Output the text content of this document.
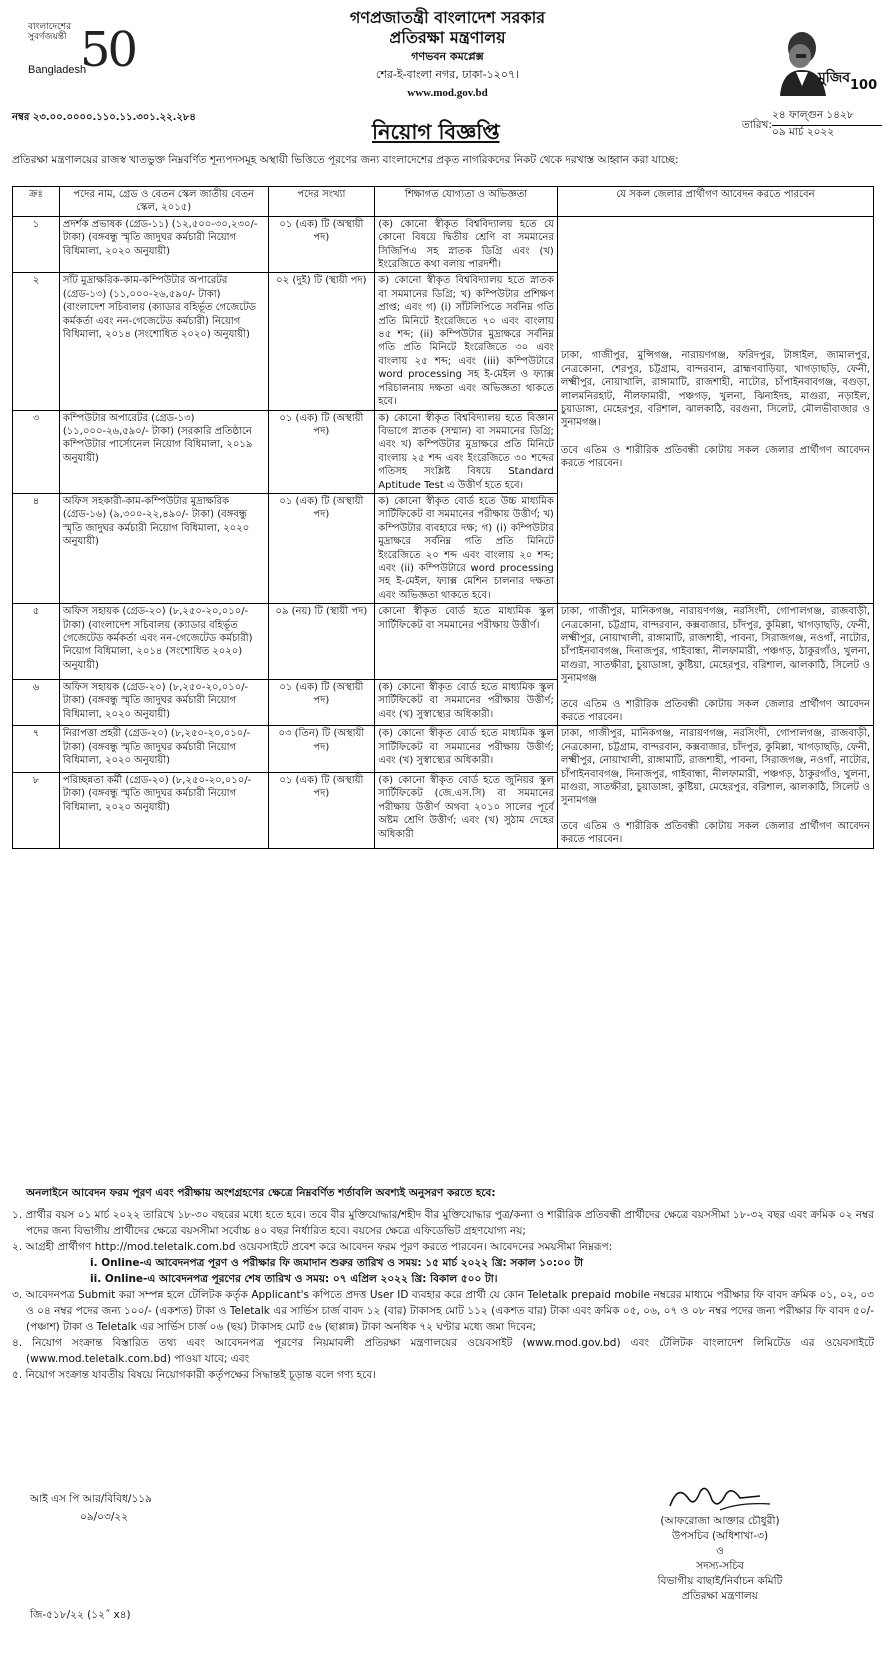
বাংলাদেশের সুবর্ণজয়ন্তী
Bangladesh
50
গণপ্রজাতন্ত্রী বাংলাদেশ সরকার
প্রতিরক্ষা মন্ত্রণালয়
গণভবন কমপ্লেক্স
শের-ই-বাংলা নগর, ঢাকা-১২০৭।
www.mod.gov.bd
মুজিব 100
নম্বর ২৩.০০.০০০০.১১০.১১.৩০১.২২.২৮৪
নিয়োগ বিজ্ঞপ্তি	তারিখ:
২৪ ফাল্গুন ১৪২৮
০৯ মার্চ ২০২২
প্রতিরক্ষা মন্ত্রণালয়ের রাজস্ব খাতভুক্ত নিম্নবর্ণিত শূন্যপদসমূহ অস্থায়ী ভিত্তিতে পূরণের জন্য বাংলাদেশের প্রকৃত নাগরিকদের নিকট থেকে দরখাস্ত আহ্বান করা যাচ্ছে:
ক্রঃ	পদের নাম, গ্রেড ও বেতন স্কেল জাতীয় বেতন স্কেল, ২০১৫)	পদের সংখ্যা	শিক্ষাগত যোগ্যতা ও অভিজ্ঞতা	যে সকল জেলার প্রার্থীগণ আবেদন করতে পারবেন
১	প্রদর্শক প্রভাষক (গ্রেড-১১) (১২,৫০০-৩০,২৩০/- টাকা) (বঙ্গবন্ধু স্মৃতি জাদুঘর কর্মচারী নিয়োগ বিধিমালা, ২০২০ অনুযায়ী)	০১ (এক) টি (অস্থায়ী পদ)	(ক) কোনো স্বীকৃত বিশ্ববিদ্যালয় হতে যে কোনো বিষয়ে দ্বিতীয় শ্রেণি বা সমমানের সিজিপিএ সহ স্নাতক ডিগ্রি এবং (খ) ইংরেজিতে কথা বলায় পারদর্শী।	ঢাকা, গাজীপুর, মুন্সিগঞ্জ, নারায়ণগঞ্জ, ফরিদপুর, টাঙ্গাইল, জামালপুর, নেত্রকোনা, শেরপুর, চট্টগ্রাম, বান্দরবান, ব্রাহ্মণবাড়িয়া, খাগড়াছড়ি, ফেনী, লক্ষ্মীপুর, নোয়াখালি, রাঙ্গামাটি, রাজশাহী, নাটোর, চাঁপাইনবাবগঞ্জ, বগুড়া, লালমনিরহাট, নীলফামারী, পঞ্চগড়, খুলনা, ঝিনাইদহ, মাগুরা, নড়াইল, চুয়াডাঙ্গা, মেহেরপুর, বরিশাল, ঝালকাঠি, বরগুনা, সিলেট, মৌলভীবাজার ও সুনামগঞ্জ।
তবে এতিম ও শারীরিক প্রতিবন্ধী কোটায় সকল জেলার প্রার্থীগণ আবেদন করতে পারবেন।

২	সাঁট মুদ্রাক্ষরিক-কাম-কম্পিউটার অপারেটর (গ্রেড-১৩) (১১,০০০-২৬,৫৯০/- টাকা) (বাংলাদেশ সচিবালয় (ক্যাডার বহির্ভূত গেজেটেড কর্মকর্তা এবং নন-গেজেটেড কর্মচারী) নিয়োগ বিধিমালা, ২০১৪ (সংশোধিত ২০২০) অনুযায়ী)	০২ (দুই) টি (স্থায়ী পদ)	ক) কোনো স্বীকৃত বিশ্ববিদ্যালয় হতে স্নাতক বা সমমানের ডিগ্রি; খ) কম্পিউটার প্রশিক্ষণ প্রাপ্ত; এবং গ) (i) সাঁটলিপিতে সর্বনিম্ন গতি প্রতি মিনিটে ইংরেজিতে ৭০ এবং বাংলায় ৪৫ শব্দ; (ii) কম্পিউটার মুদ্রাক্ষরে সর্বনিম্ন গতি প্রতি মিনিটে ইংরেজিতে ৩০ এবং বাংলায় ২৫ শব্দ; এবং (iii) কম্পিউটারে word processing সহ ই-মেইল ও ফ্যাক্স পরিচালনায় দক্ষতা এবং অভিজ্ঞতা থাকতে হবে।	
৩	কম্পিউটার অপারেটর (গ্রেড-১৩) (১১,০০০-২৬,৫৯০/- টাকা) (সরকারি প্রতিষ্ঠানে কম্পিউটার পার্সোনেল নিয়োগ বিধিমালা, ২০১৯ অনুযায়ী)	০১ (এক) টি (অস্থায়ী পদ)	ক) কোনো স্বীকৃত বিশ্ববিদ্যালয় হতে বিজ্ঞান বিভাগে স্নাতক (সম্মান) বা সমমানের ডিগ্রি; এবং খ) কম্পিউটার মুদ্রাক্ষরে প্রতি মিনিটে বাংলায় ২৫ শব্দ এবং ইংরেজিতে ৩০ শব্দের গতিসহ সংশ্লিষ্ট বিষয়ে Standard Aptitude Test এ উত্তীর্ণ হতে হবে।	
৪	অফিস সহকারী-কাম-কম্পিউটার মুদ্রাক্ষরিক (গ্রেড-১৬) (৯,৩০০-২২,৪৯০/- টাকা) (বঙ্গবন্ধু স্মৃতি জাদুঘর কর্মচারী নিয়োগ বিধিমালা, ২০২০ অনুযায়ী)	০১ (এক) টি (অস্থায়ী পদ)	ক) কোনো স্বীকৃত বোর্ড হতে উচ্চ মাধ্যমিক সার্টিফিকেট বা সমমানের পরীক্ষায় উত্তীর্ণ; খ) কম্পিউটার ব্যবহারে দক্ষ; গ) (i) কম্পিউটার মুদ্রাক্ষরে সর্বনিম্ন গতি প্রতি মিনিটে ইংরেজিতে ২০ শব্দ এবং বাংলায় ২০ শব্দ; এবং (ii) কম্পিউটারে word processing সহ ই-মেইল, ফ্যাক্স মেশিন চালনার দক্ষতা এবং অভিজ্ঞতা থাকতে হবে।	
৫	অফিস সহায়ক (গ্রেড-২০) (৮,২৫০-২০,০১০/- টাকা) (বাংলাদেশ সচিবালয় (ক্যাডার বহির্ভূত গেজেটেড কর্মকর্তা এবং নন-গেজেটেড কর্মচারী) নিয়োগ বিধিমালা, ২০১৪ (সংশোধিত ২০২০) অনুযায়ী)	০৯ (নয়) টি (স্থায়ী পদ)	কোনো স্বীকৃত বোর্ড হতে মাধ্যমিক স্কুল সার্টিফিকেট বা সমমানের পরীক্ষায় উত্তীর্ণ।	ঢাকা, গাজীপুর, মানিকগঞ্জ, নারায়ণগঞ্জ, নরসিংদী, গোপালগঞ্জ, রাজবাড়ী, নেত্রকোনা, চট্টগ্রাম, বান্দরবান, কক্সবাজার, চাঁদপুর, কুমিল্লা, খাগড়াছড়ি, ফেনী, লক্ষ্মীপুর, নোয়াখালী, রাঙ্গামাটি, রাজশাহী, পাবনা, সিরাজগঞ্জ, নওগাঁ, নাটোর, চাঁপাইনবাবগঞ্জ, দিনাজপুর, গাইবান্ধা, নীলফামারী, পঞ্চগড়, ঠাকুরগাঁও, খুলনা, মাগুরা, সাতক্ষীরা, চুয়াডাঙ্গা, কুষ্টিয়া, মেহেরপুর, বরিশাল, ঝালকাঠি, সিলেট ও সুনামগঞ্জ
তবে এতিম ও শারীরিক প্রতিবন্ধী কোটায় সকল জেলার প্রার্থীগণ আবেদন করতে পারবেন।

৬	অফিস সহায়ক (গ্রেড-২০) (৮,২৫০-২০,০১০/- টাকা) (বঙ্গবন্ধু স্মৃতি জাদুঘর কর্মচারী নিয়োগ বিধিমালা, ২০২০ অনুযায়ী)	০১ (এক) টি (অস্থায়ী পদ)	(ক) কোনো স্বীকৃত বোর্ড হতে মাধ্যমিক স্কুল সার্টিফিকেট বা সমমানের পরীক্ষায় উত্তীর্ণ; এবং (খ) সুস্বাস্থ্যের অধিকারী।	
৭	নিরাপত্তা প্রহরী (গ্রেড-২০) (৮,২৫০-২০,০১০/- টাকা) (বঙ্গবন্ধু স্মৃতি জাদুঘর কর্মচারী নিয়োগ বিধিমালা, ২০২০ অনুযায়ী)	০৩ (তিন) টি (অস্থায়ী পদ)	(ক) কোনো স্বীকৃত বোর্ড হতে মাধ্যমিক স্কুল সার্টিফিকেট বা সমমানের পরীক্ষায় উত্তীর্ণ; এবং (খ) সুস্বাস্থ্যের অধিকারী।	ঢাকা, গাজীপুর, মানিকগঞ্জ, নারায়ণগঞ্জ, নরসিংদী, গোপালগঞ্জ, রাজবাড়ী, নেত্রকোনা, চট্টগ্রাম, বান্দরবান, কক্সবাজার, চাঁদপুর, কুমিল্লা, খাগড়াছড়ি, ফেনী, লক্ষ্মীপুর, নোয়াখালী, রাঙ্গামাটি, রাজশাহী, পাবনা, সিরাজগঞ্জ, নওগাঁ, নাটোর, চাঁপাইনবাবগঞ্জ, দিনাজপুর, গাইবান্ধা, নীলফামারী, পঞ্চগড়, ঠাকুরগাঁও, খুলনা, মাগুরা, সাতক্ষীরা, চুয়াডাঙ্গা, কুষ্টিয়া, মেহেরপুর, বরিশাল, ঝালকাঠি, সিলেট ও সুনামগঞ্জ
তবে এতিম ও শারীরিক প্রতিবন্ধী কোটায় সকল জেলার প্রার্থীগণ আবেদন করতে পারবেন।

৮	পরিচ্ছন্নতা কর্মী (গ্রেড-২০) (৮,২৫০-২০,০১০/- টাকা) (বঙ্গবন্ধু স্মৃতি জাদুঘর কর্মচারী নিয়োগ বিধিমালা, ২০২০ অনুযায়ী)	০১ (এক) টি (অস্থায়ী পদ)	(ক) কোনো স্বীকৃত বোর্ড হতে জুনিয়র স্কুল সার্টিফিকেট (জে.এস.সি) বা সমমানের পরীক্ষায় উত্তীর্ণ অথবা ২০১০ সালের পূর্বে অষ্টম শ্রেণি উত্তীর্ণ; এবং (খ) সুঠাম দেহের অধিকারী	
অনলাইনে আবেদন ফরম পূরণ এবং পরীক্ষায় অংশগ্রহণের ক্ষেত্রে নিম্নবর্ণিত শর্তাবলি অবশ্যই অনুসরণ করতে হবে:
১. প্রার্থীর বয়স ০১ মার্চ ২০২২ তারিখে ১৮-৩০ বছরের মধ্যে হতে হবে। তবে বীর মুক্তিযোদ্ধার/শহীদ বীর মুক্তিযোদ্ধার পুত্র/কন্যা ও শারীরিক প্রতিবন্ধী প্রার্থীদের ক্ষেত্রে বয়সসীমা ১৮-৩২ বছর এবং ক্রমিক ০২ নম্বর পদের জন্য বিভাগীয় প্রার্থীদের ক্ষেত্রে বয়সসীমা সর্বোচ্চ ৪০ বছর নির্ধারিত হবে। বয়সের ক্ষেত্রে এফিডেভিট গ্রহণযোগ্য নয়;
২. আগ্রহী প্রার্থীগণ http://mod.teletalk.com.bd ওয়েবসাইটে প্রবেশ করে আবেদন ফরম পূরণ করতে পারবেন। আবেদনের সময়সীমা নিম্নরূপ:
i. Online-এ আবেদনপত্র পূরণ ও পরীক্ষার ফি জমাদান শুরুর তারিখ ও সময়: ১৫ মার্চ ২০২২ খ্রি: সকাল ১০:০০ টা
ii. Online-এ আবেদনপত্র পূরণের শেষ তারিখ ও সময়: ০৭ এপ্রিল ২০২২ খ্রি: বিকাল ৫০০ টা।
৩. আবেদনপত্র Submit করা সম্পন্ন হলে টেলিটক কর্তৃক Applicant's কপিতে প্রদত্ত User ID ব্যবহার করে প্রার্থী যে কোন Teletalk prepaid mobile নম্বরের মাধ্যমে পরীক্ষার ফি বাবদ ক্রমিক ০১, ০২, ০৩ ও ০৪ নম্বর পদের জন্য ১০০/- (একশত) টাকা ও Teletalk এর সার্ভিস চার্জ বাবদ ১২ (বার) টাকাসহ মোট ১১২ (একশত বার) টাকা এবং ক্রমিক ০৫, ০৬, ০৭ ও ০৮ নম্বর পদের জন্য পরীক্ষার ফি বাবদ ৫০/- (পঞ্চাশ) টাকা ও Teletalk এর সার্ভিস চার্জ ০৬ (ছয়) টাকাসহ মোট ৫৬ (ছাপ্পান্ন) টাকা অনধিক ৭২ ঘণ্টার মধ্যে জমা দিবেন;
৪. নিয়োগ সংক্রান্ত বিস্তারিত তথ্য এবং আবেদনপত্র পূরণের নিয়মাবলী প্রতিরক্ষা মন্ত্রণালয়ের ওয়েবসাইট (www.mod.gov.bd) এবং টেলিটক বাংলাদেশ লিমিটেড এর ওয়েবসাইটে (www.mod.teletalk.com.bd) পাওয়া যাবে; এবং
৫. নিয়োগ সংক্রান্ত যাবতীয় বিষয়ে নিয়োগকারী কর্তৃপক্ষের সিদ্ধান্তই চূড়ান্ত বলে গণ্য হবে।
আই এস পি আর/বিবিধ/১১৯
০৯/০৩/২২
জি-৫১৮/২২ (১২˝ x৪)
(আফরোজা আক্তার চৌধুরী)
উপসচিব (অধিশাখা-৩)
ও
সদস্য-সচিব
বিভাগীয় বাছাই/নির্বাচন কমিটি
প্রতিরক্ষা মন্ত্রণালয়
